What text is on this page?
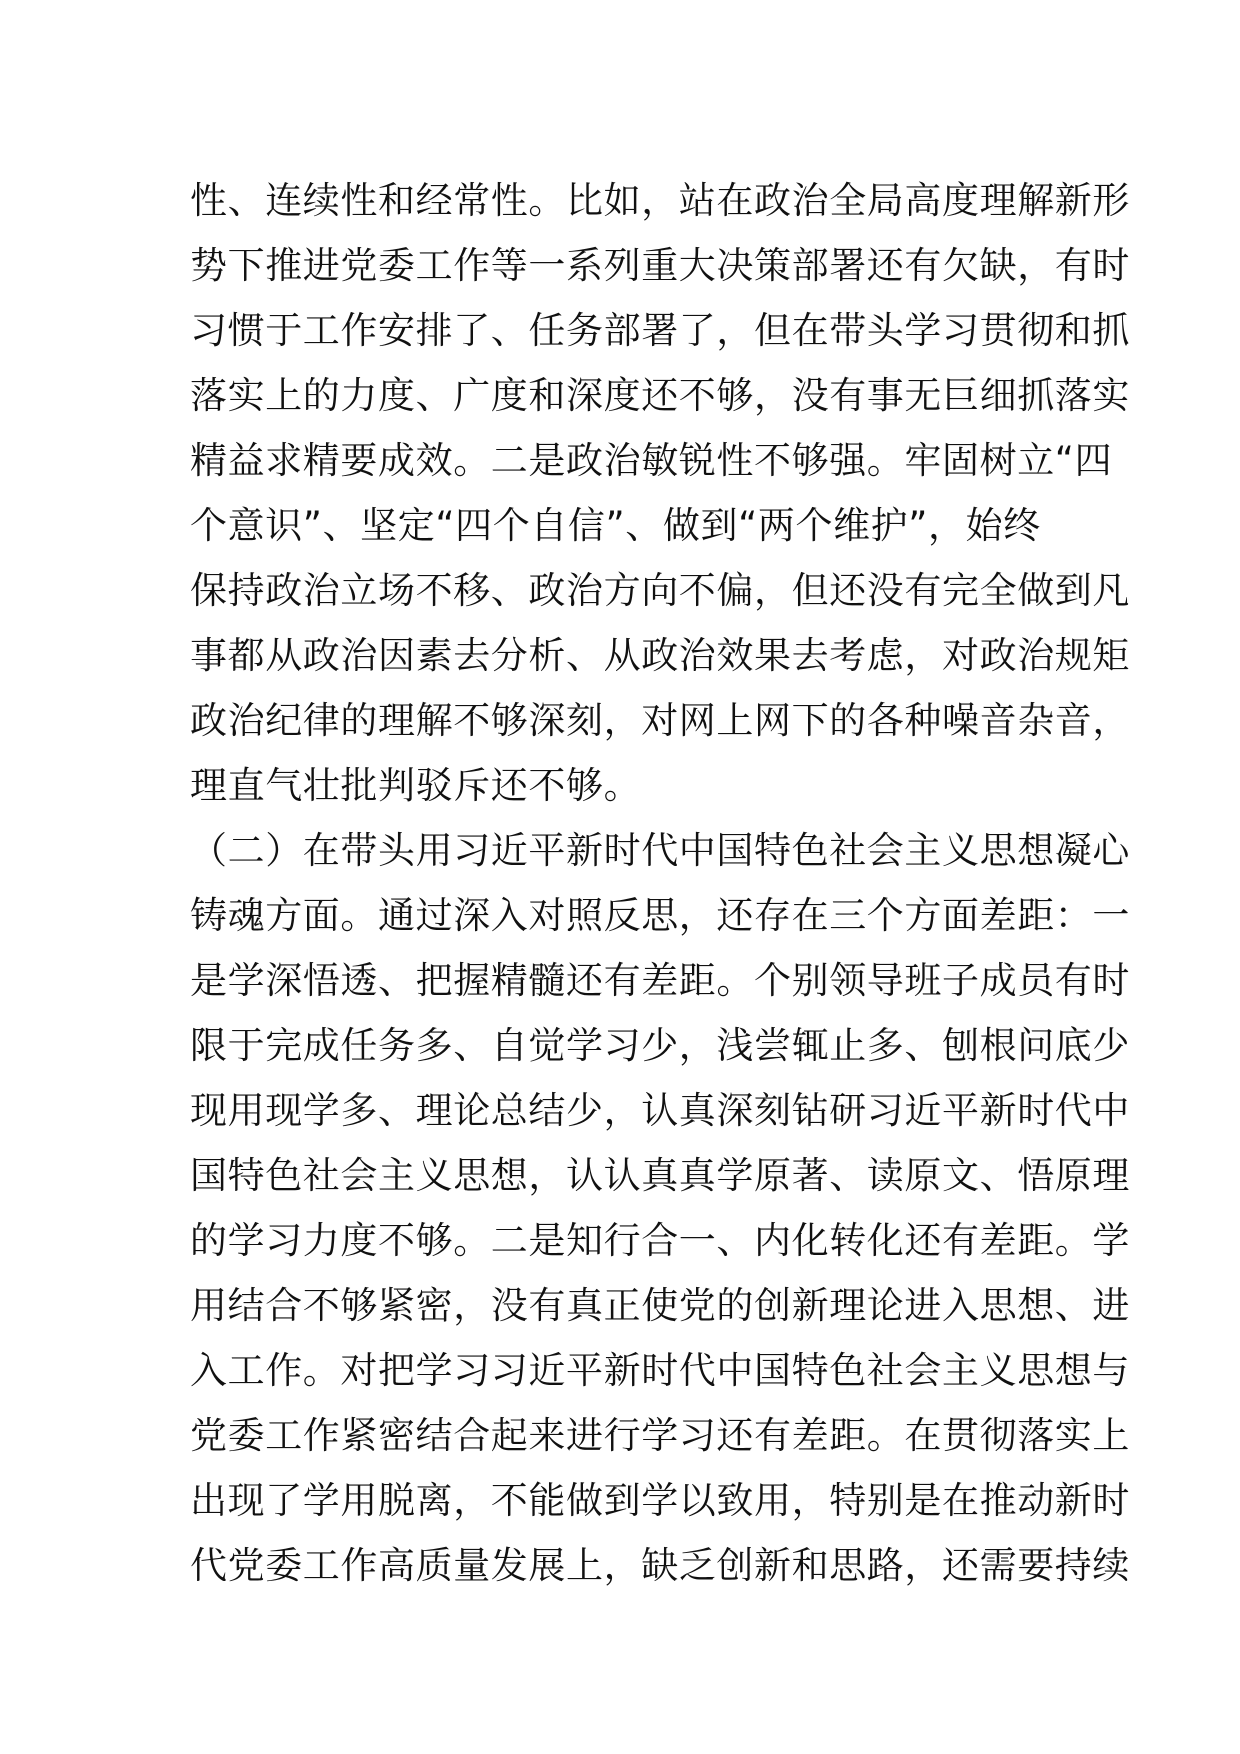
性、连续性和经常性。比如，站在政治全局高度理解新形
势下推进党委工作等一系列重大决策部署还有欠缺，有时
习惯于工作安排了、任务部署了，但在带头学习贯彻和抓
落实上的力度、广度和深度还不够，没有事无巨细抓落实
精益求精要成效。二是政治敏锐性不够强。牢固树立“四
个意识”、坚定“四个自信”、做到“两个维护”，始终
保持政治立场不移、政治方向不偏，但还没有完全做到凡
事都从政治因素去分析、从政治效果去考虑，对政治规矩
政治纪律的理解不够深刻，对网上网下的各种噪音杂音，
理直气壮批判驳斥还不够。
（二）在带头用习近平新时代中国特色社会主义思想凝心
铸魂方面。通过深入对照反思，还存在三个方面差距：一
是学深悟透、把握精髓还有差距。个别领导班子成员有时
限于完成任务多、自觉学习少，浅尝辄止多、刨根问底少
现用现学多、理论总结少，认真深刻钻研习近平新时代中
国特色社会主义思想，认认真真学原著、读原文、悟原理
的学习力度不够。二是知行合一、内化转化还有差距。学
用结合不够紧密，没有真正使党的创新理论进入思想、进
入工作。对把学习习近平新时代中国特色社会主义思想与
党委工作紧密结合起来进行学习还有差距。在贯彻落实上
出现了学用脱离，不能做到学以致用，特别是在推动新时
代党委工作高质量发展上，缺乏创新和思路，还需要持续
